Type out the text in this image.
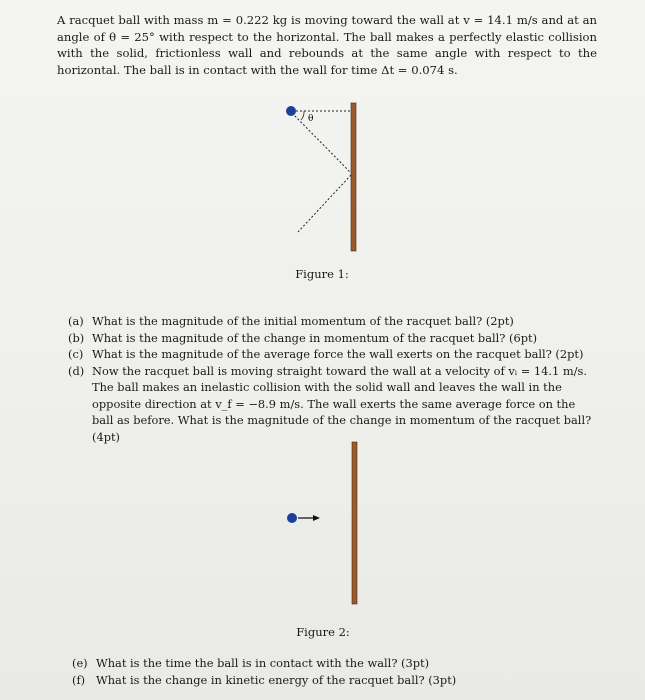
A racquet ball with mass m = 0.222 kg is moving toward the wall at v = 14.1 m/s and at an angle of θ = 25° with respect to the horizontal. The ball makes a perfectly elastic collision with the solid, frictionless wall and rebounds at the same angle with respect to the horizontal. The ball is in contact with the wall for time Δt = 0.074 s.

θ
Figure 1:
(a) What is the magnitude of the initial momentum of the racquet ball? (2pt)
(b) What is the magnitude of the change in momentum of the racquet ball? (6pt)
(c) What is the magnitude of the average force the wall exerts on the racquet ball? (2pt)
(d) Now the racquet ball is moving straight toward the wall at a velocity of vᵢ = 14.1 m/s. The ball makes an inelastic collision with the solid wall and leaves the wall in the opposite direction at v_f = −8.9 m/s. The wall exerts the same average force on the ball as before. What is the magnitude of the change in momentum of the racquet ball? (4pt)
Figure 2:
(e) What is the time the ball is in contact with the wall? (3pt)
(f) What is the change in kinetic energy of the racquet ball? (3pt)
